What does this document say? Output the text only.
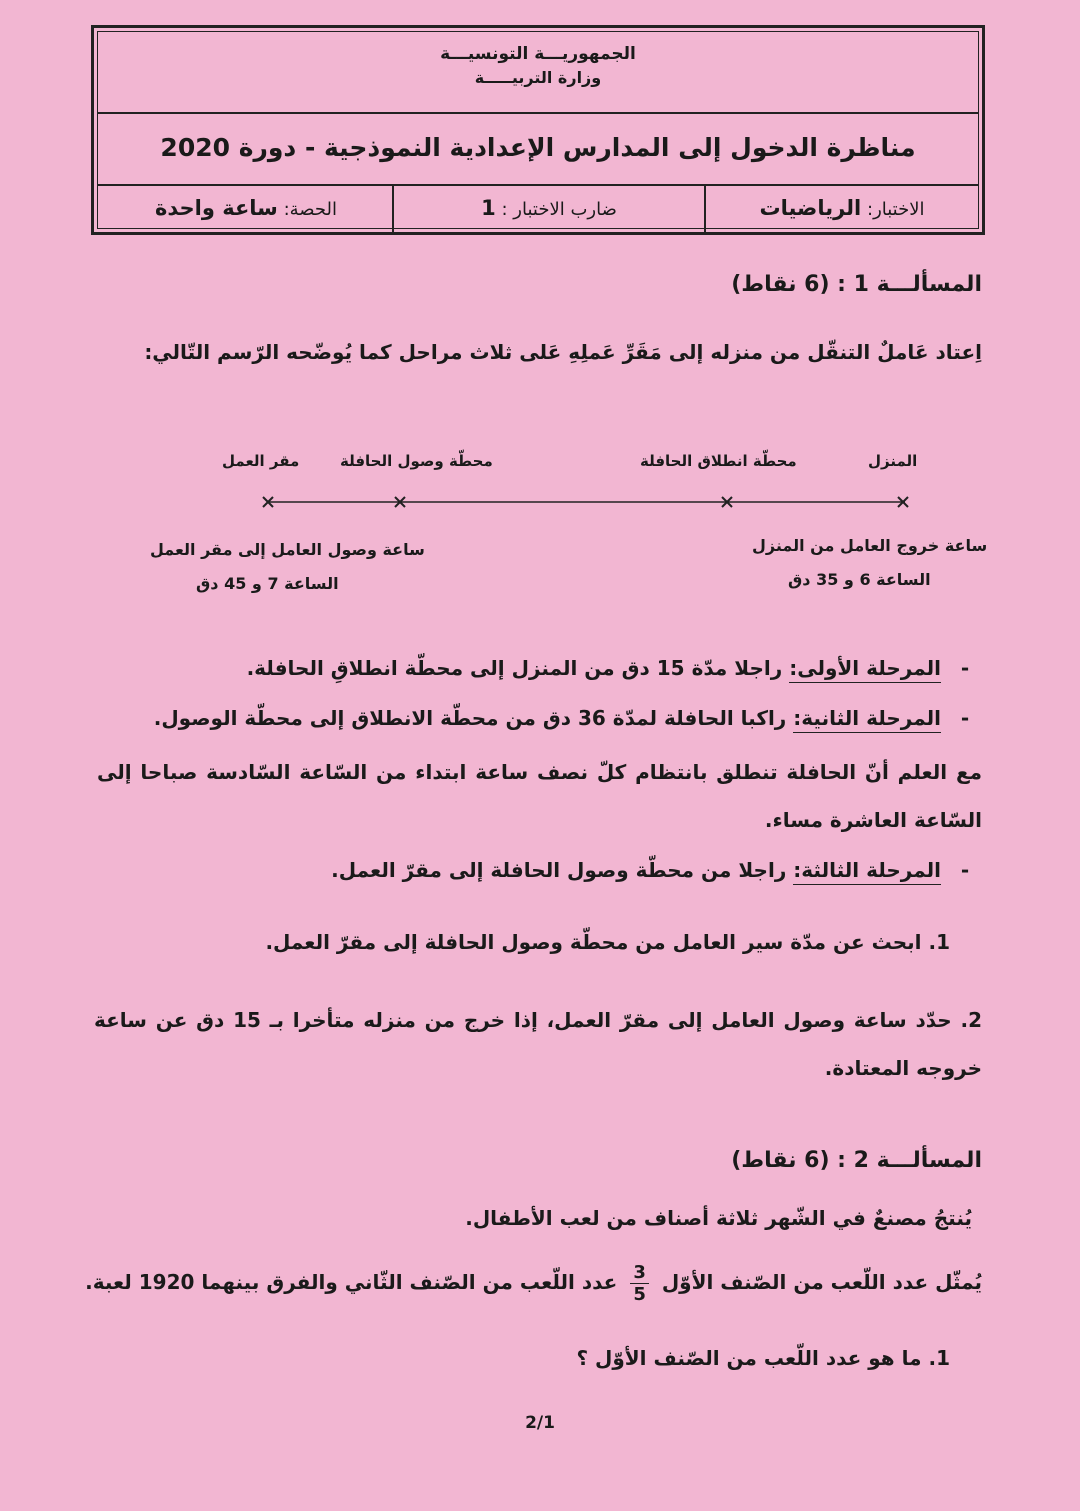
الجمهوريـــة التونسيـــة
وزارة التربيـــــة
مناظرة الدخول إلى المدارس الإعدادية النموذجية - دورة 2020
الاختبار: الرياضيات
ضارب الاختبار : 1
الحصة: ساعة واحدة
المسألـــة 1 : (6 نقاط)
اِعتاد عَاملٌ التنقّل من منزله إلى مَقَرِّ عَملِهِ عَلى ثلاث مراحل كما يُوضّحه الرّسم التّالي:
المنزل
محطّة انطلاق الحافلة
محطّة وصول الحافلة
مقر العمل
ساعة خروج العامل من المنزل
الساعة 6 و 35 دق
ساعة وصول العامل إلى مقر العمل
الساعة 7 و 45 دق
- المرحلة الأولى: راجلا مدّة 15 دق من المنزل إلى محطّة انطلاقِ الحافلة.
- المرحلة الثانية: راكبا الحافلة لمدّة 36 دق من محطّة الانطلاق إلى محطّة الوصول.
مع العلم أنّ الحافلة تنطلق بانتظام كلّ نصف ساعة ابتداء من السّاعة السّادسة صباحا إلى السّاعة العاشرة مساء.
- المرحلة الثالثة: راجلا من محطّة وصول الحافلة إلى مقرّ العمل.
1. ابحث عن مدّة سير العامل من محطّة وصول الحافلة إلى مقرّ العمل.
2. حدّد ساعة وصول العامل إلى مقرّ العمل، إذا خرج من منزله متأخرا بـ 15 دق عن ساعة خروجه المعتادة.
المسألـــة 2 : (6 نقاط)
يُنتجُ مصنعٌ في الشّهر ثلاثة أصناف من لعب الأطفال.
يُمثّل عدد اللّعب من الصّنف الأوّل
$\frac{3}{5}$
عدد اللّعب من الصّنف الثّاني والفرق بينهما 1920 لعبة.
1. ما هو عدد اللّعب من الصّنف الأوّل ؟
2/1
